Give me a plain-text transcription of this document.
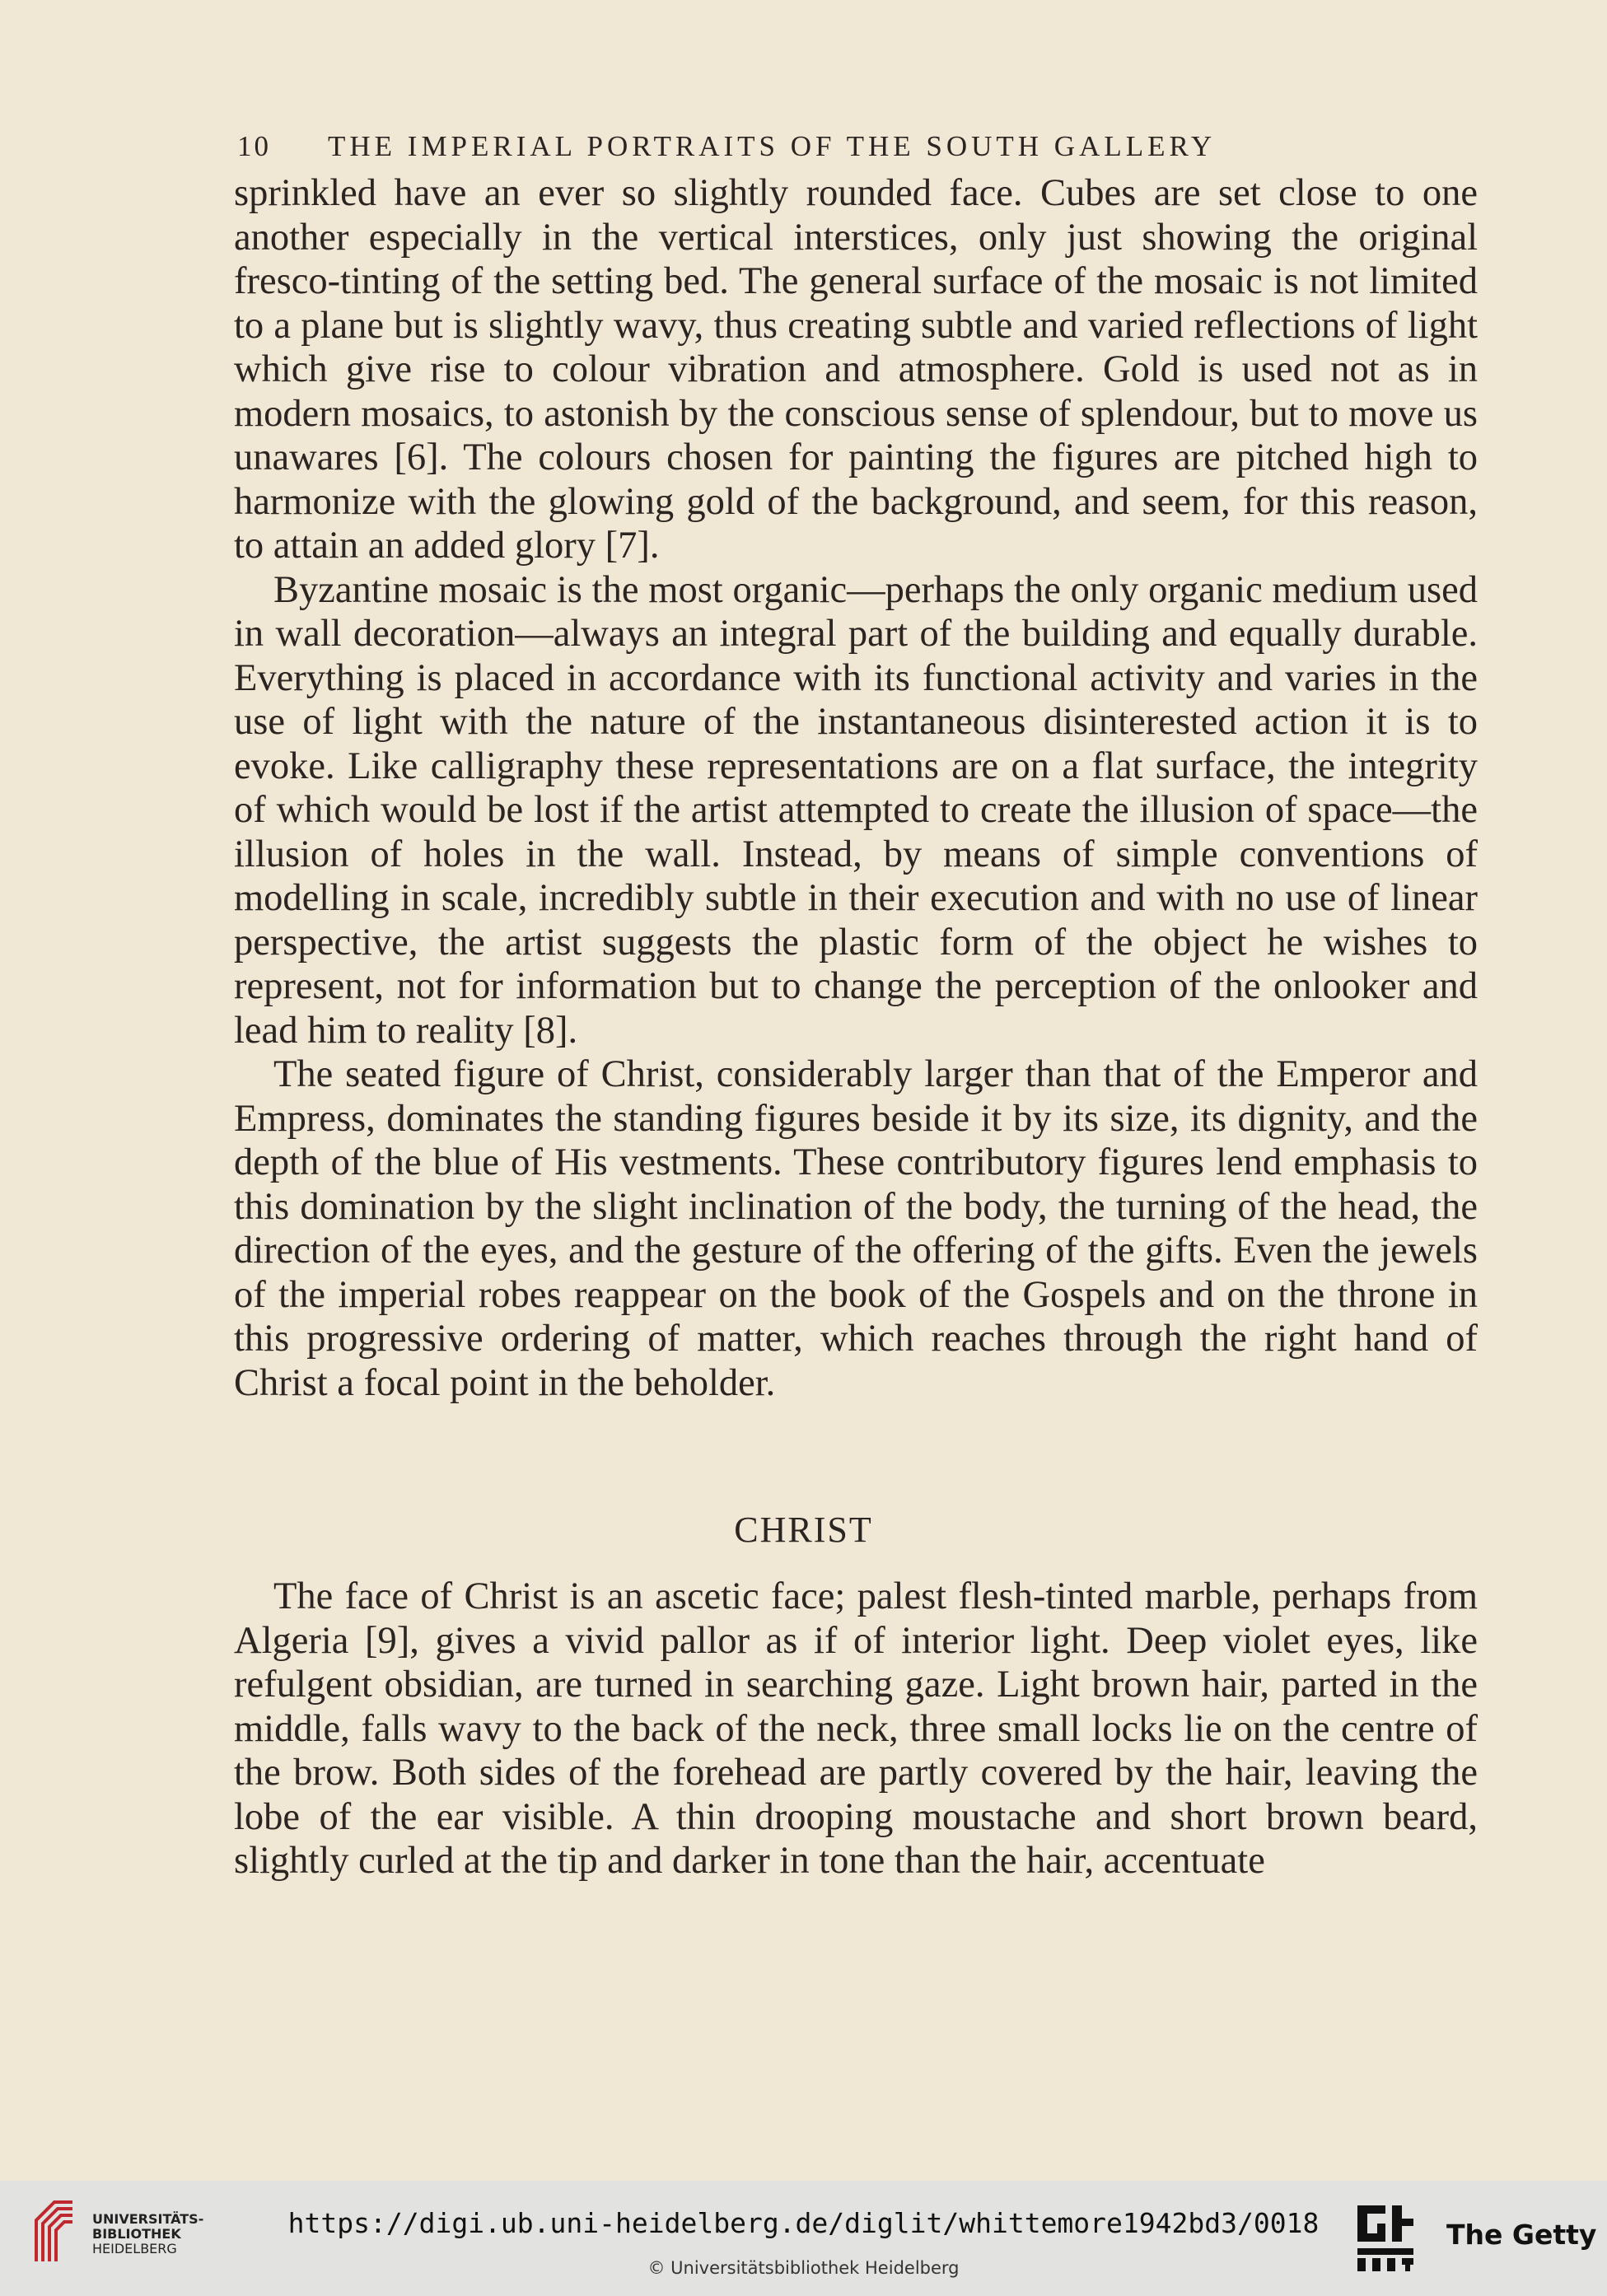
10 THE IMPERIAL PORTRAITS OF THE SOUTH GALLERY

sprinkled have an ever so slightly rounded face. Cubes are set close to one another especially in the vertical interstices, only just showing the original fresco-tinting of the setting bed. The general surface of the mosaic is not limited to a plane but is slightly wavy, thus creating subtle and varied reflections of light which give rise to colour vibration and atmosphere. Gold is used not as in modern mosaics, to astonish by the conscious sense of splendour, but to move us unawares [6]. The colours chosen for painting the figures are pitched high to harmonize with the glowing gold of the background, and seem, for this reason, to attain an added glory [7].

Byzantine mosaic is the most organic—perhaps the only organic medium used in wall decoration—always an integral part of the building and equally durable. Everything is placed in accordance with its functional activity and varies in the use of light with the nature of the instantaneous disinterested action it is to evoke. Like calligraphy these representations are on a flat surface, the integrity of which would be lost if the artist attempted to create the illusion of space—the illusion of holes in the wall. Instead, by means of simple conventions of modelling in scale, incredibly subtle in their execution and with no use of linear perspective, the artist suggests the plastic form of the object he wishes to represent, not for information but to change the perception of the onlooker and lead him to reality [8].

The seated figure of Christ, considerably larger than that of the Emperor and Empress, dominates the standing figures beside it by its size, its dignity, and the depth of the blue of His vestments. These contributory figures lend emphasis to this domination by the slight inclination of the body, the turning of the head, the direction of the eyes, and the gesture of the offering of the gifts. Even the jewels of the imperial robes reappear on the book of the Gospels and on the throne in this progressive ordering of matter, which reaches through the right hand of Christ a focal point in the beholder.

CHRIST

The face of Christ is an ascetic face; palest flesh-tinted marble, perhaps from Algeria [9], gives a vivid pallor as if of interior light. Deep violet eyes, like refulgent obsidian, are turned in searching gaze. Light brown hair, parted in the middle, falls wavy to the back of the neck, three small locks lie on the centre of the brow. Both sides of the forehead are partly covered by the hair, leaving the lobe of the ear visible. A thin drooping moustache and short brown beard, slightly curled at the tip and darker in tone than the hair, accentuate

UNIVERSITÄTS-
BIBLIOTHEK
HEIDELBERG
https://digi.ub.uni-heidelberg.de/diglit/whittemore1942bd3/0018
© Universitätsbibliothek Heidelberg
The Getty
